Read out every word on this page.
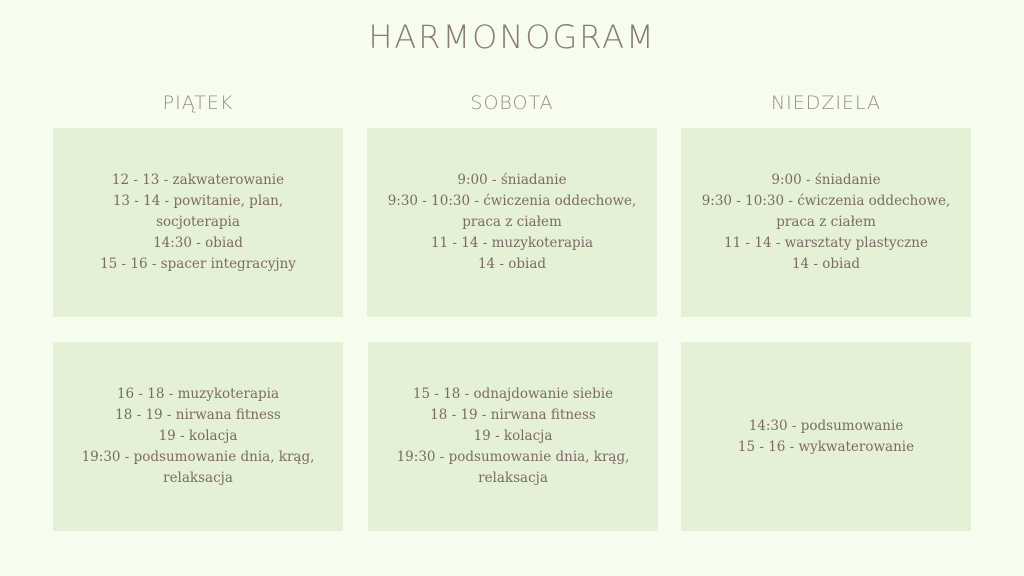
HARMONOGRAM
PIĄTEK	SOBOTA	NIEDZIELA
12 - 13 - zakwaterowanie
13 - 14 - powitanie, plan, socjoterapia
14:30 - obiad
15 - 16 - spacer integracyjny
9:00 - śniadanie
9:30 - 10:30 - ćwiczenia oddechowe, praca z ciałem
11 - 14 - muzykoterapia
14 - obiad
9:00 - śniadanie
9:30 - 10:30 - ćwiczenia oddechowe, praca z ciałem
11 - 14 - warsztaty plastyczne
14 - obiad
16 - 18 - muzykoterapia
18 - 19 - nirwana fitness
19 - kolacja
19:30 - podsumowanie dnia, krąg, relaksacja
15 - 18 - odnajdowanie siebie
18 - 19 - nirwana fitness
19 - kolacja
19:30 - podsumowanie dnia, krąg, relaksacja
14:30 - podsumowanie
15 - 16 - wykwaterowanie
